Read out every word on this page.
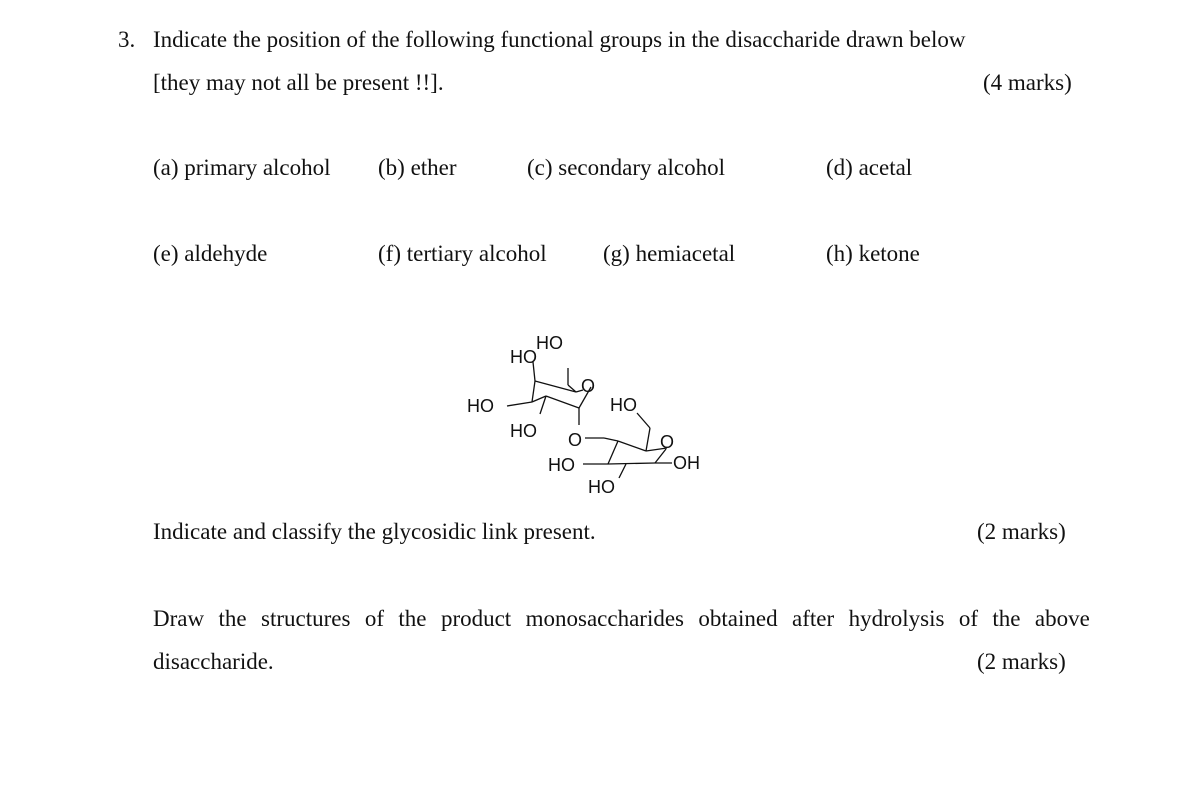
3. Indicate the position of the following functional groups in the disaccharide drawn below
[they may not all be present !!].	(4 marks)
(a) primary alcohol (b) ether	(c) secondary alcohol	(d) acetal
(e) aldehyde	(f) tertiary alcohol (g) hemiacetal	(h) ketone
HO
HO
O
HO
HO
HO
O	O
HO	OH
HO
Indicate and classify the glycosidic link present.	(2 marks)
Draw the structures of the product monosaccharides obtained after hydrolysis of the above
disaccharide.	(2 marks)
